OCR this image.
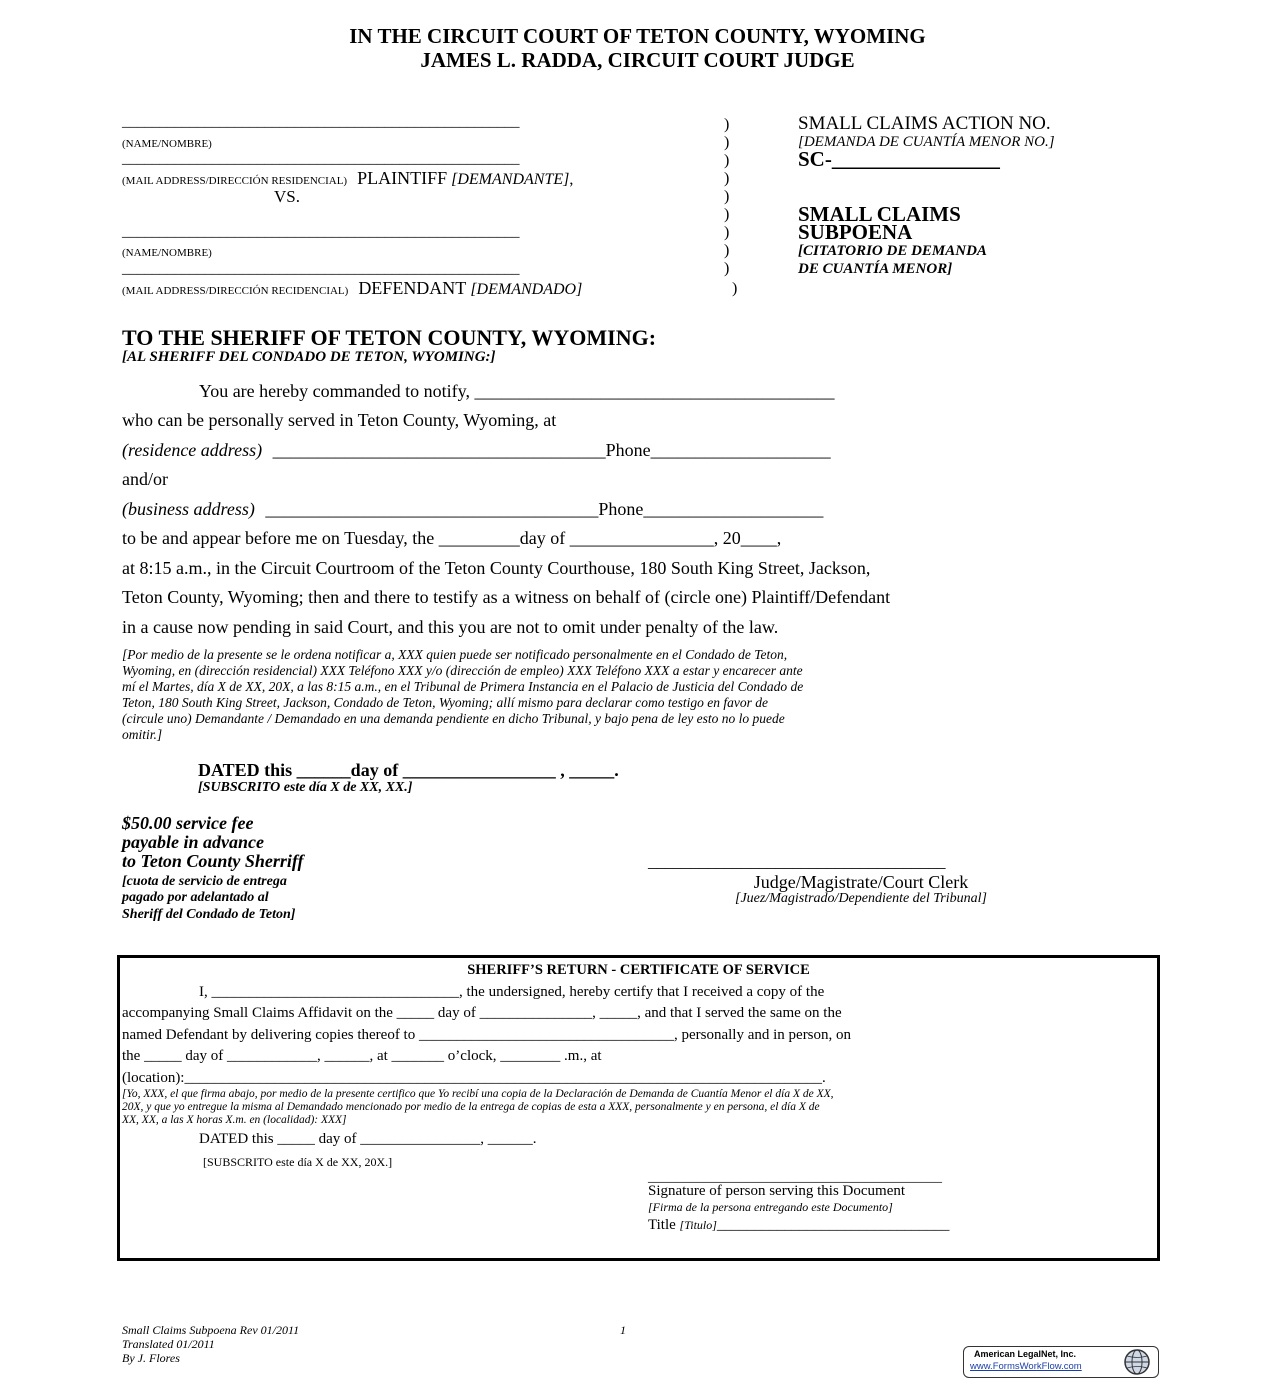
IN THE CIRCUIT COURT OF TETON COUNTY, WYOMING
JAMES L. RADDA, CIRCUIT COURT JUDGE
_____________________________________________________
(NAME/NOMBRE)
_____________________________________________________
(MAIL ADDRESS/DIRECCIÓN RESIDENCIAL) PLAINTIFF [DEMANDANTE],
VS.
_____________________________________________________
(NAME/NOMBRE)
_____________________________________________________
(MAIL ADDRESS/DIRECCIÓN RECIDENCIAL) DEFENDANT [DEMANDADO]
)
)
)
)
)
)
)
)
)
)
SMALL CLAIMS ACTION NO.
[DEMANDA DE CUANTÍA MENOR NO.]
SC-________________
SMALL CLAIMS
SUBPOENA
[CITATORIO DE DEMANDA
DE CUANTÍA MENOR]
TO THE SHERIFF OF TETON COUNTY, WYOMING:
[AL SHERIFF DEL CONDADO DE TETON, WYOMING:]
You are hereby commanded to notify, ________________________________________
who can be personally served in Teton County, Wyoming, at
(residence address) _____________________________________Phone____________________
and/or
(business address) _____________________________________Phone____________________
to be and appear before me on Tuesday, the _________day of ________________, 20____,
at 8:15 a.m., in the Circuit Courtroom of the Teton County Courthouse, 180 South King Street, Jackson,
Teton County, Wyoming; then and there to testify as a witness on behalf of (circle one) Plaintiff/Defendant
in a cause now pending in said Court, and this you are not to omit under penalty of the law.
[Por medio de la presente se le ordena notificar a, XXX quien puede ser notificado personalmente en el Condado de Teton,
Wyoming, en (dirección residencial) XXX Teléfono XXX y/o (dirección de empleo) XXX Teléfono XXX a estar y encarecer ante
mí el Martes, día X de XX, 20X, a las 8:15 a.m., en el Tribunal de Primera Instancia en el Palacio de Justicia del Condado de
Teton, 180 South King Street, Jackson, Condado de Teton, Wyoming; allí mismo para declarar como testigo en favor de
(circule uno) Demandante / Demandado en una demanda pendiente en dicho Tribunal, y bajo pena de ley esto no lo puede
omitir.]
DATED this ______day of _________________ , _____.
[SUBSCRITO este día X de XX, XX.]
$50.00 service fee
payable in advance
to Teton County Sherriff
[cuota de servicio de entrega
pagado por adelantado al
Sheriff del Condado de Teton]
___________________________________
Judge/Magistrate/Court Clerk
[Juez/Magistrado/Dependiente del Tribunal]
SHERIFF’S RETURN - CERTIFICATE OF SERVICE
I, _________________________________, the undersigned, hereby certify that I received a copy of the
accompanying Small Claims Affidavit on the _____ day of _______________, _____, and that I served the same on the
named Defendant by delivering copies thereof to __________________________________, personally and in person, on
the _____ day of ____________, ______, at _______ o’clock, ________ .m., at
(location):_____________________________________________________________________________________.
[Yo, XXX, el que firma abajo, por medio de la presente certifico que Yo recibí una copia de la Declaración de Demanda de Cuantía Menor el día X de XX,
20X, y que yo entregue la misma al Demandado mencionado por medio de la entrega de copias de esta a XXX, personalmente y en persona, el día X de
XX, XX, a las X horas X.m. en (localidad): XXX]
DATED this _____ day of ________________, ______.
[SUBSCRITO este día X de XX, 20X.]
__________________________________________
Signature of person serving this Document
[Firma de la persona entregando este Documento]
Title [Titulo]_______________________________
Small Claims Subpoena Rev 01/2011
Translated 01/2011
By J. Flores
1
American LegalNet, Inc.
www.FormsWorkFlow.com
